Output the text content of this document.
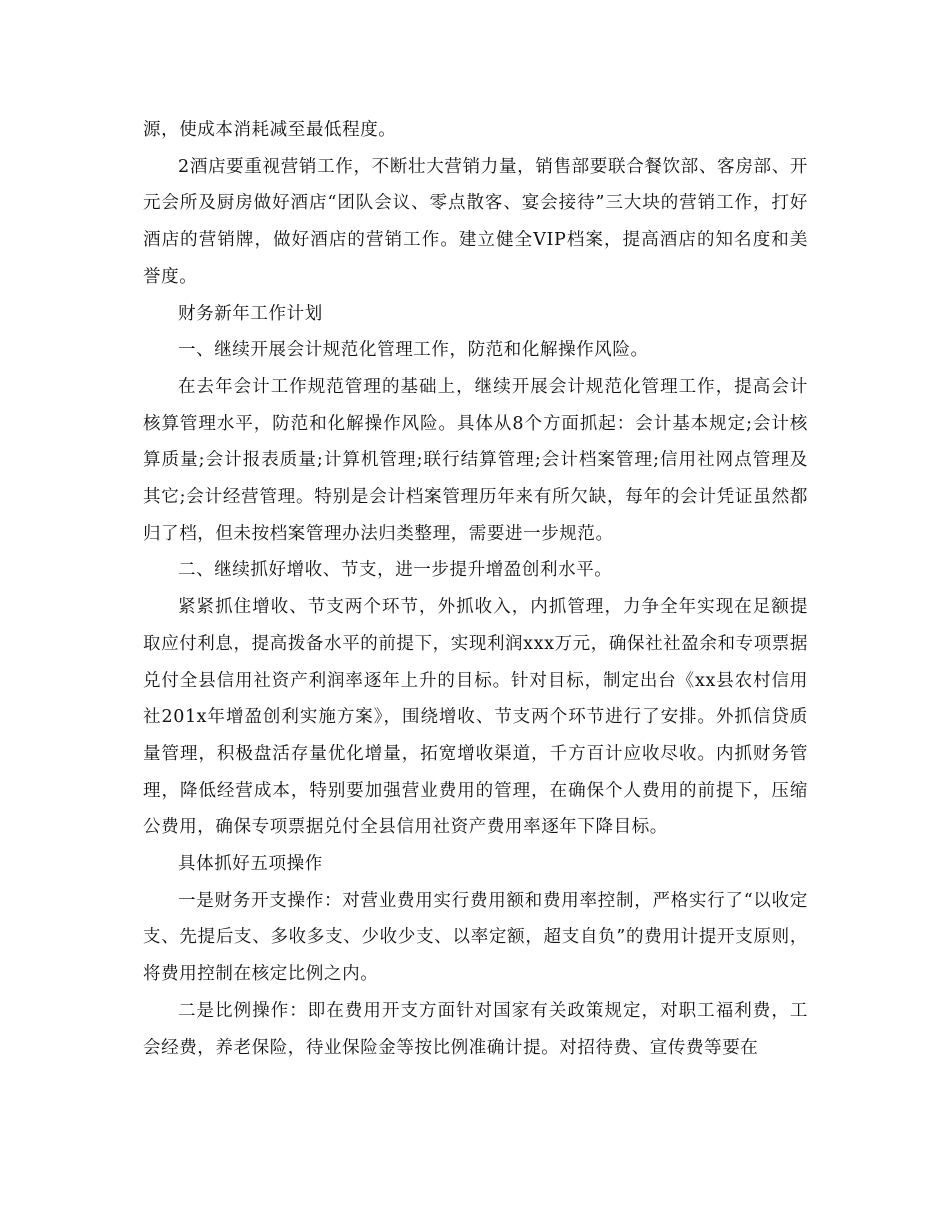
源，使成本消耗减至最低程度。

2酒店要重视营销工作，不断壮大营销力量，销售部要联合餐饮部、客房部、开元会所及厨房做好酒店“团队会议、零点散客、宴会接待”三大块的营销工作，打好酒店的营销牌，做好酒店的营销工作。建立健全VIP档案，提高酒店的知名度和美誉度。

财务新年工作计划

一、继续开展会计规范化管理工作，防范和化解操作风险。

在去年会计工作规范管理的基础上，继续开展会计规范化管理工作，提高会计核算管理水平，防范和化解操作风险。具体从8个方面抓起：会计基本规定;会计核算质量;会计报表质量;计算机管理;联行结算管理;会计档案管理;信用社网点管理及其它;会计经营管理。特别是会计档案管理历年来有所欠缺，每年的会计凭证虽然都归了档，但未按档案管理办法归类整理，需要进一步规范。

二、继续抓好增收、节支，进一步提升增盈创利水平。

紧紧抓住增收、节支两个环节，外抓收入，内抓管理，力争全年实现在足额提取应付利息，提高拨备水平的前提下，实现利润xxx万元，确保社社盈余和专项票据兑付全县信用社资产利润率逐年上升的目标。针对目标，制定出台《xx县农村信用社201x年增盈创利实施方案》，围绕增收、节支两个环节进行了安排。外抓信贷质量管理，积极盘活存量优化增量，拓宽增收渠道，千方百计应收尽收。内抓财务管理，降低经营成本，特别要加强营业费用的管理，在确保个人费用的前提下，压缩公费用，确保专项票据兑付全县信用社资产费用率逐年下降目标。

具体抓好五项操作

一是财务开支操作：对营业费用实行费用额和费用率控制，严格实行了“以收定支、先提后支、多收多支、少收少支、以率定额，超支自负”的费用计提开支原则，将费用控制在核定比例之内。

二是比例操作：即在费用开支方面针对国家有关政策规定，对职工福利费，工会经费，养老保险，待业保险金等按比例准确计提。对招待费、宣传费等要在
